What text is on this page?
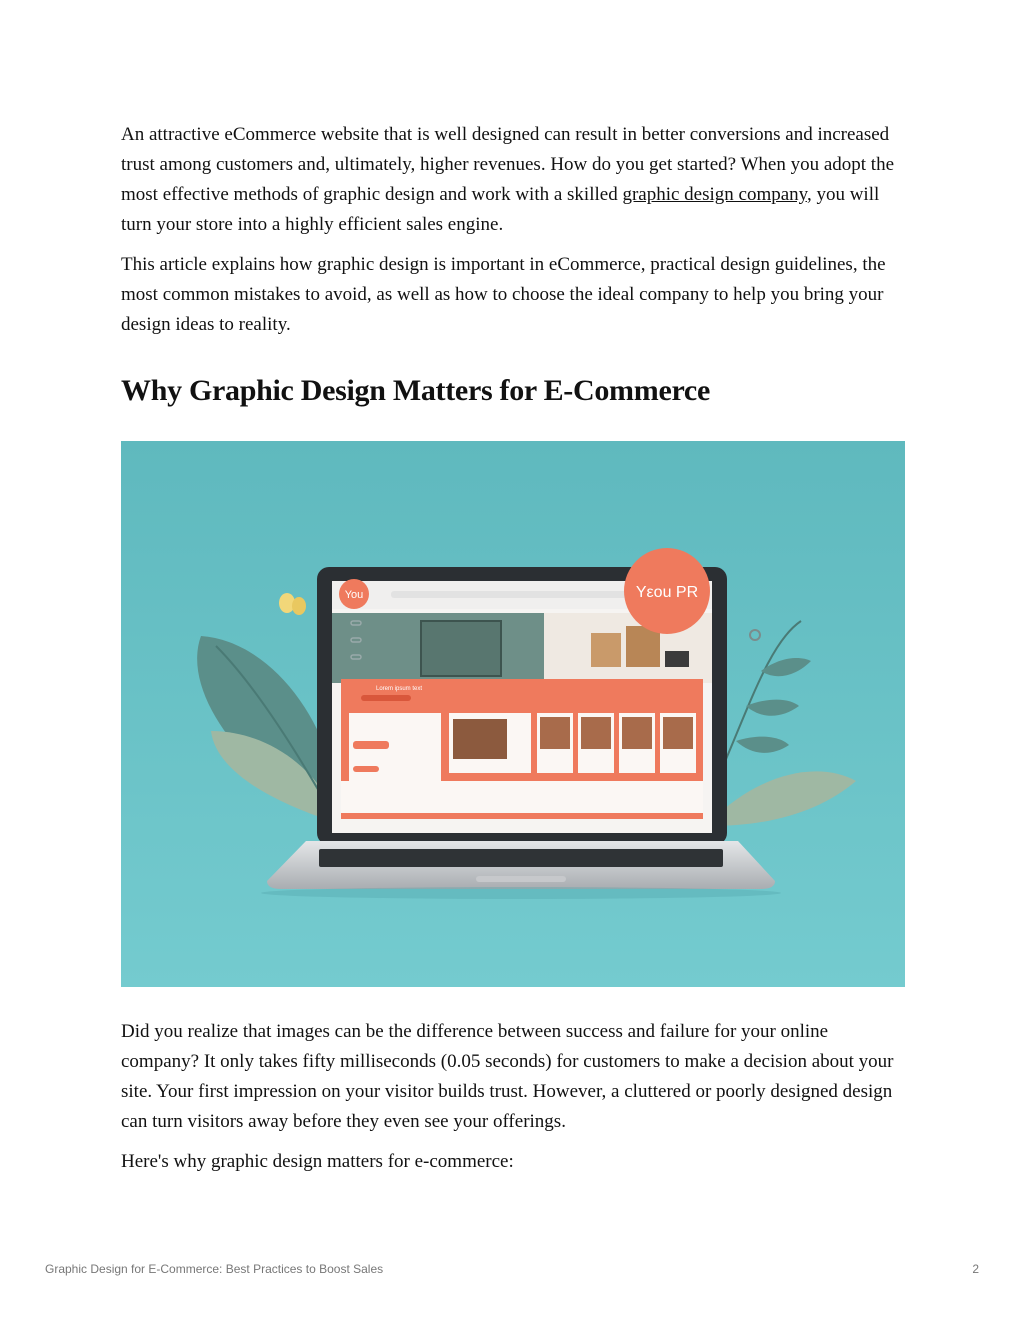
An attractive eCommerce website that is well designed can result in better conversions and increased trust among customers and, ultimately, higher revenues. How do you get started? When you adopt the most effective methods of graphic design and work with a skilled graphic design company, you will turn your store into a highly efficient sales engine.

This article explains how graphic design is important in eCommerce, practical design guidelines, the most common mistakes to avoid, as well as how to choose the ideal company to help you bring your design ideas to reality.

Why Graphic Design Matters for E-Commerce
You
Lorem ipsum text
Yεou PR

Did you realize that images can be the difference between success and failure for your online company? It only takes fifty milliseconds (0.05 seconds) for customers to make a decision about your site. Your first impression on your visitor builds trust. However, a cluttered or poorly designed design can turn visitors away before they even see your offerings.

Here's why graphic design matters for e-commerce:

Graphic Design for E-Commerce: Best Practices to Boost Sales	2
